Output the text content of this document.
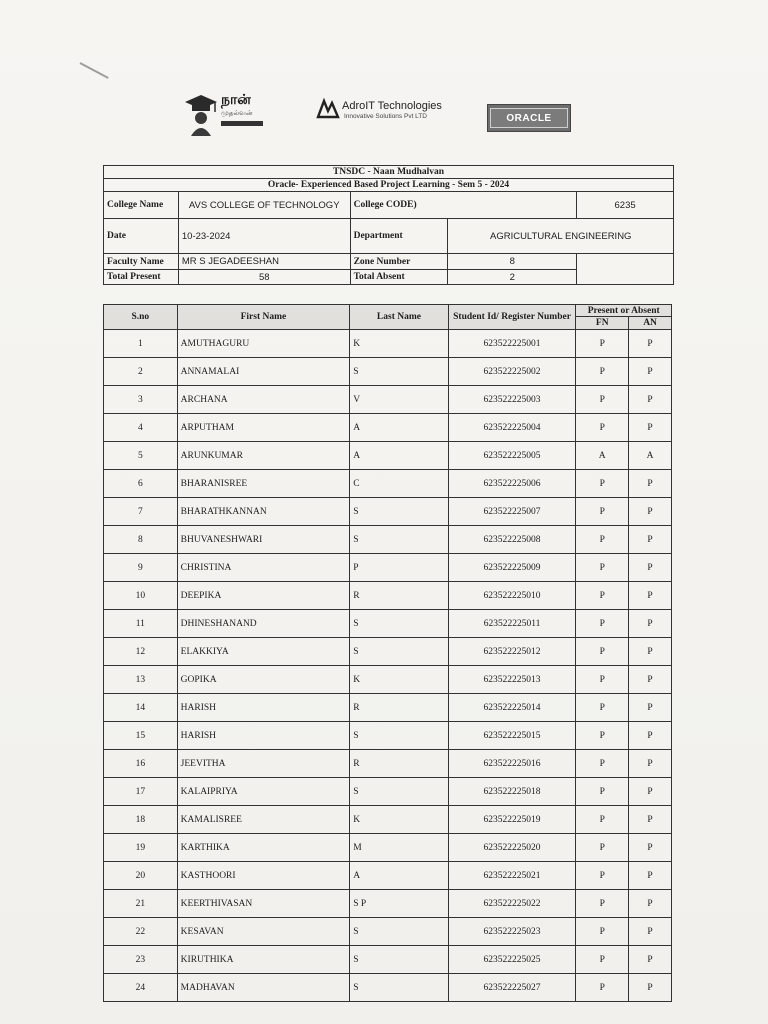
நான்
முதல்வன்
AdroIT Technologies
Innovative Solutions Pvt LTD	ORACLE
TNSDC - Naan Mudhalvan				
Oracle- Experienced Based Project Learning - Sem 5 - 2024				
College Name	AVS COLLEGE OF TECHNOLOGY	College CODE)		6235
Date	10-23-2024	Department	AGRICULTURAL ENGINEERING	
Faculty Name	MR S JEGADEESHAN	Zone Number	8	
Total Present	58	Total Absent	2	
S.no	First Name	Last Name	Student Id/ Register Number	Present or Absent	
				FN	AN
1	AMUTHAGURU	K	623522225001	P	P
2	ANNAMALAI	S	623522225002	P	P
3	ARCHANA	V	623522225003	P	P
4	ARPUTHAM	A	623522225004	P	P
5	ARUNKUMAR	A	623522225005	A	A
6	BHARANISREE	C	623522225006	P	P
7	BHARATHKANNAN	S	623522225007	P	P
8	BHUVANESHWARI	S	623522225008	P	P
9	CHRISTINA	P	623522225009	P	P
10	DEEPIKA	R	623522225010	P	P
11	DHINESHANAND	S	623522225011	P	P
12	ELAKKIYA	S	623522225012	P	P
13	GOPIKA	K	623522225013	P	P
14	HARISH	R	623522225014	P	P
15	HARISH	S	623522225015	P	P
16	JEEVITHA	R	623522225016	P	P
17	KALAIPRIYA	S	623522225018	P	P
18	KAMALISREE	K	623522225019	P	P
19	KARTHIKA	M	623522225020	P	P
20	KASTHOORI	A	623522225021	P	P
21	KEERTHIVASAN	S P	623522225022	P	P
22	KESAVAN	S	623522225023	P	P
23	KIRUTHIKA	S	623522225025	P	P
24	MADHAVAN	S	623522225027	P	P
